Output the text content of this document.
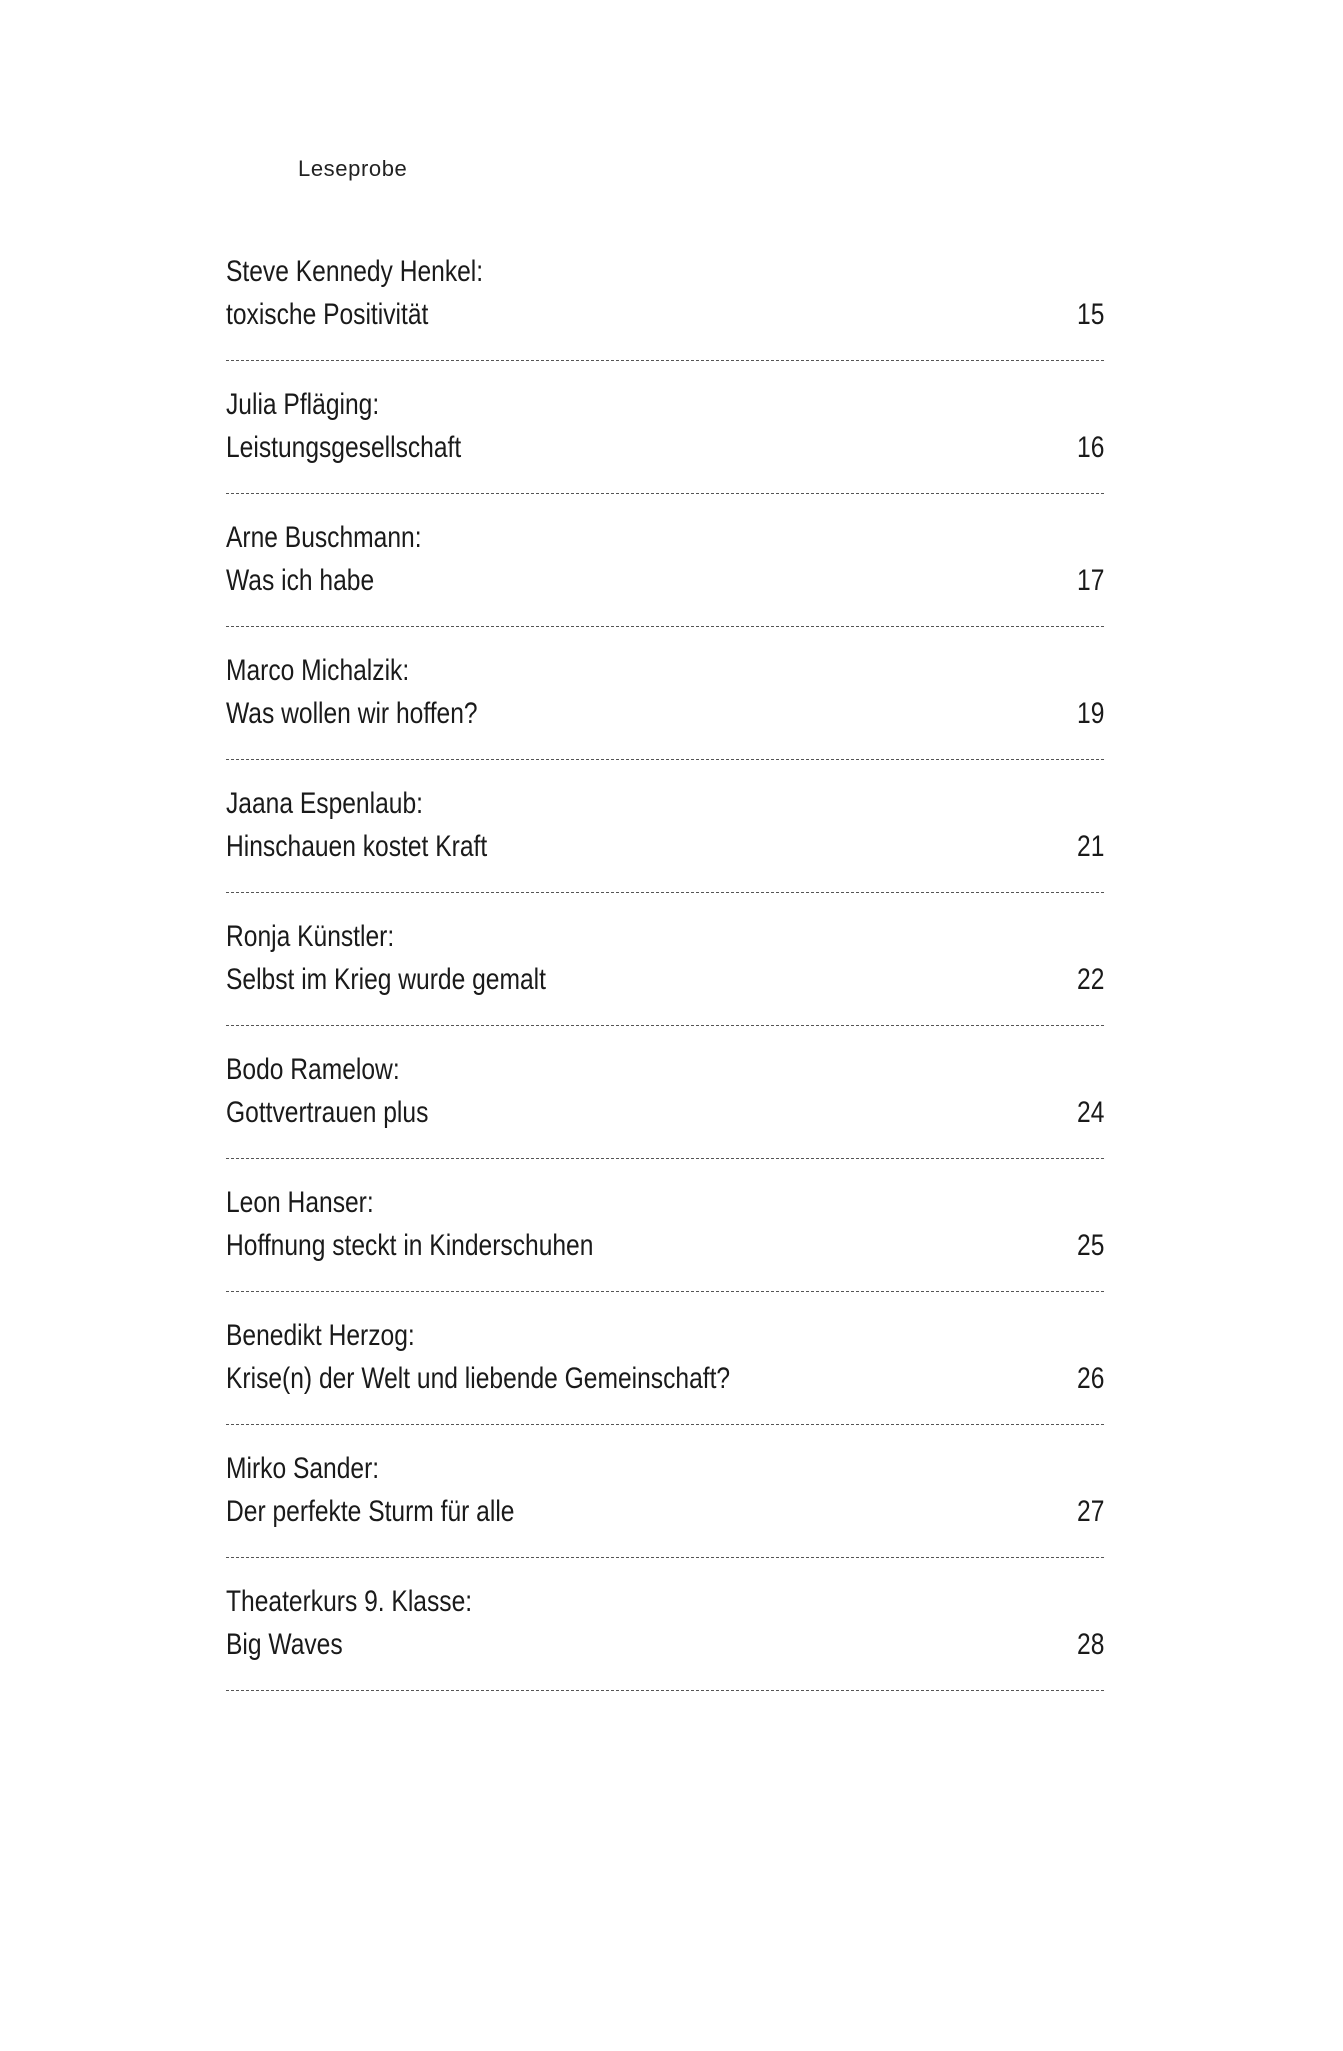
Leseprobe
Steve Kennedy Henkel:
toxische Positivität	15
Julia Pfläging:
Leistungsgesellschaft	16
Arne Buschmann:
Was ich habe	17
Marco Michalzik:
Was wollen wir hoffen?	19
Jaana Espenlaub:
Hinschauen kostet Kraft	21
Ronja Künstler:
Selbst im Krieg wurde gemalt	22
Bodo Ramelow:
Gottvertrauen plus	24
Leon Hanser:
Hoffnung steckt in Kinderschuhen	25
Benedikt Herzog:
Krise(n) der Welt und liebende Gemeinschaft?	26
Mirko Sander:
Der perfekte Sturm für alle	27
Theaterkurs 9. Klasse:
Big Waves	28
